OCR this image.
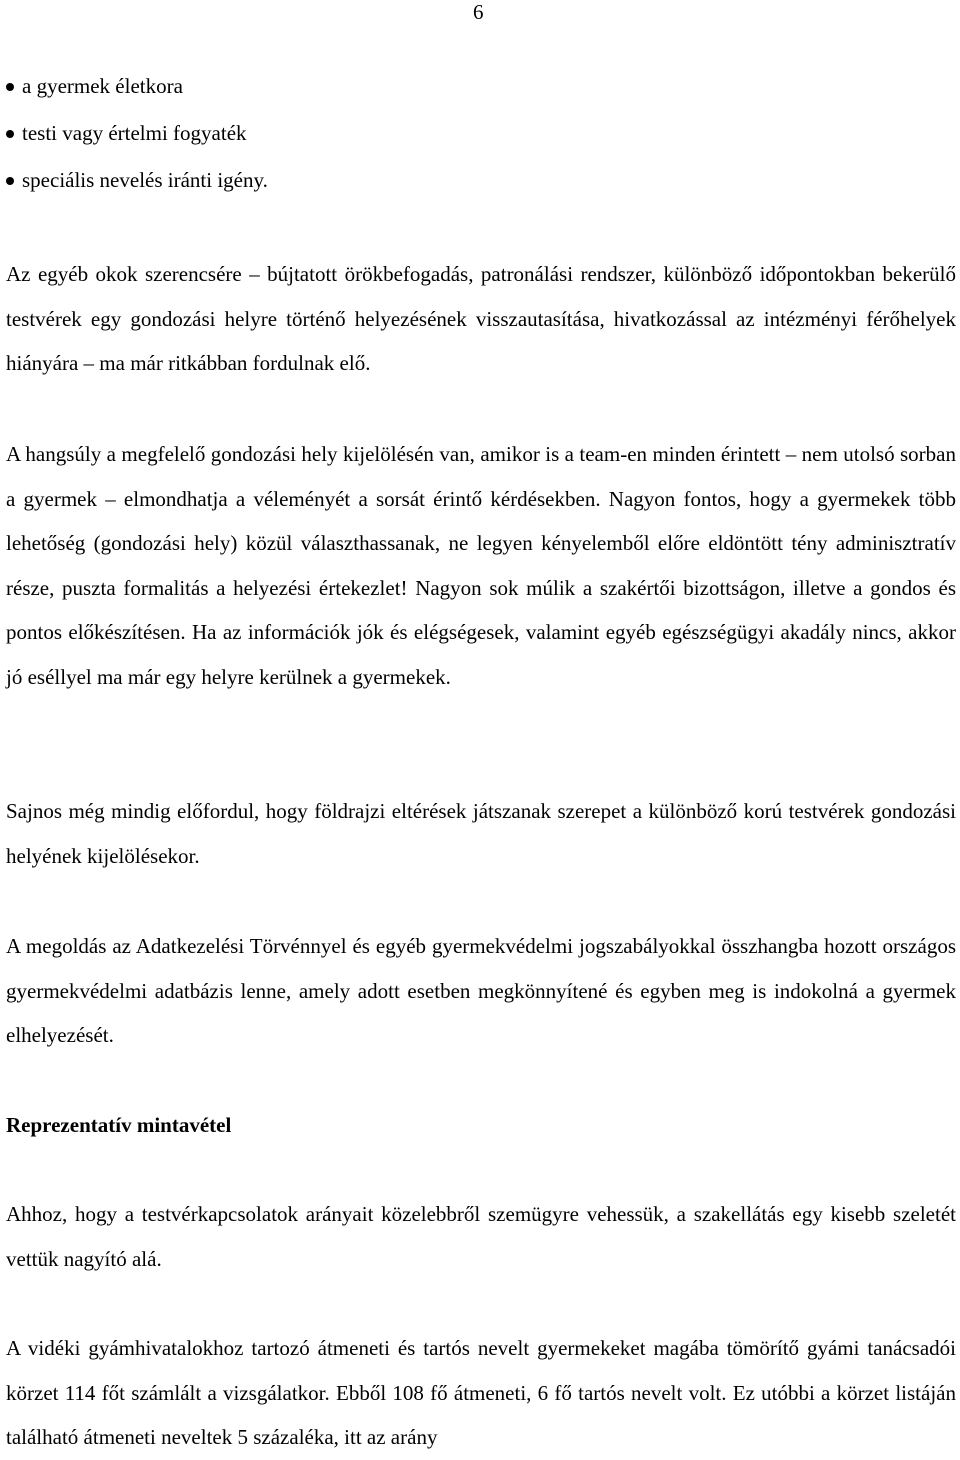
6
a gyermek életkora
testi vagy értelmi fogyaték
speciális nevelés iránti igény.

Az egyéb okok szerencsére – bújtatott örökbefogadás, patronálási rendszer, különböző időpontokban bekerülő testvérek egy gondozási helyre történő helyezésének visszautasítása, hivatkozással az intézményi férőhelyek hiányára – ma már ritkábban fordulnak elő.

A hangsúly a megfelelő gondozási hely kijelölésén van, amikor is a team-en minden érintett – nem utolsó sorban a gyermek – elmondhatja a véleményét a sorsát érintő kérdésekben. Nagyon fontos, hogy a gyermekek több lehetőség (gondozási hely) közül választhassanak, ne legyen kényelemből előre eldöntött tény adminisztratív része, puszta formalitás a helyezési értekezlet! Nagyon sok múlik a szakértői bizottságon, illetve a gondos és pontos előkészítésen. Ha az információk jók és elégségesek, valamint egyéb egészségügyi akadály nincs, akkor jó eséllyel ma már egy helyre kerülnek a gyermekek.

Sajnos még mindig előfordul, hogy földrajzi eltérések játszanak szerepet a különböző korú testvérek gondozási helyének kijelölésekor.

A megoldás az Adatkezelési Törvénnyel és egyéb gyermekvédelmi jogszabályokkal összhangba hozott országos gyermekvédelmi adatbázis lenne, amely adott esetben megkönnyítené és egyben meg is indokolná a gyermek elhelyezését.

Reprezentatív mintavétel

Ahhoz, hogy a testvérkapcsolatok arányait közelebbről szemügyre vehessük, a szakellátás egy kisebb szeletét vettük nagyító alá.

A vidéki gyámhivatalokhoz tartozó átmeneti és tartós nevelt gyermekeket magába tömörítő gyámi tanácsadói körzet 114 főt számlált a vizsgálatkor. Ebből 108 fő átmeneti, 6 fő tartós nevelt volt. Ez utóbbi a körzet listáján található átmeneti neveltek 5 százaléka, itt az arány
